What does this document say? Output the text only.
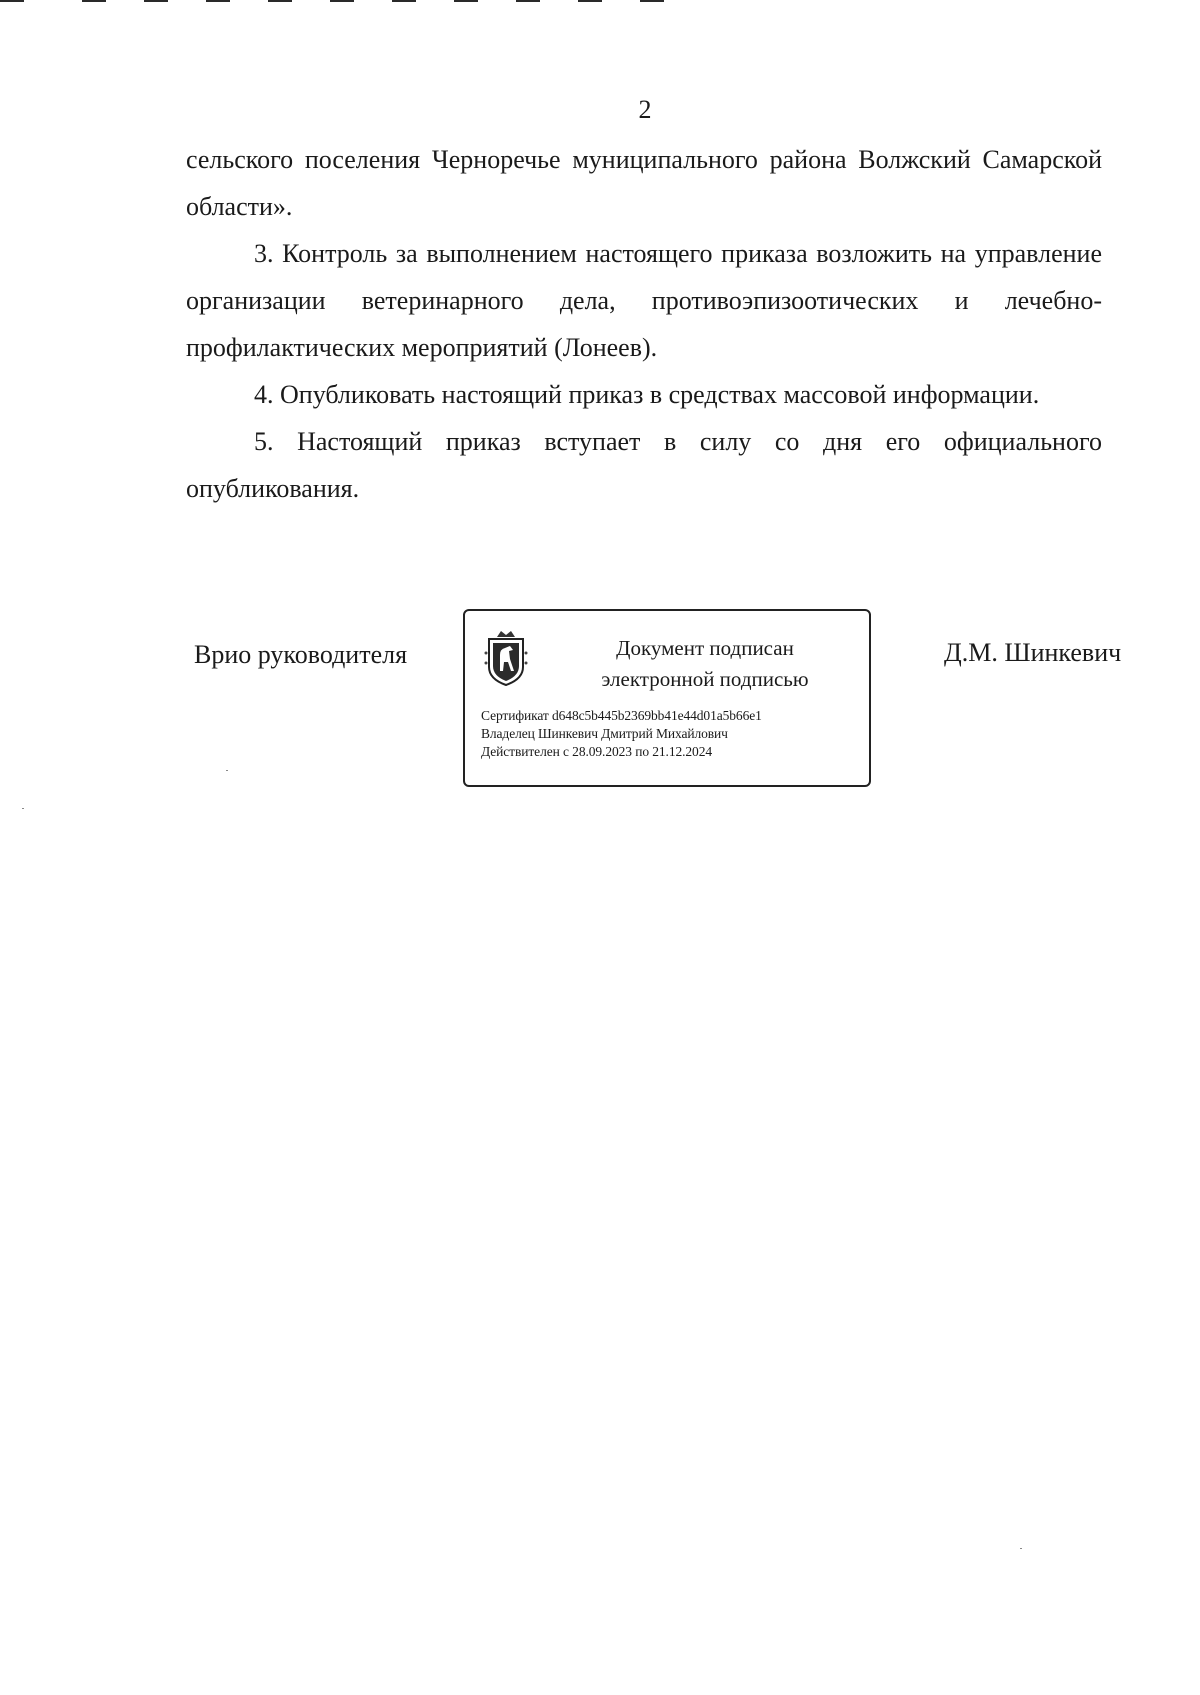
2

сельского поселения Черноречье муниципального района Волжский Самарской области».

3. Контроль за выполнением настоящего приказа возложить на управление организации ветеринарного дела, противоэпизоотических и лечебно-профилактических мероприятий (Лонеев).

4. Опубликовать настоящий приказ в средствах массовой информации.

5. Настоящий приказ вступает в силу со дня его официального опубликования.

Врио руководителя	Документ подписан
электронной подписью
Сертификат d648c5b445b2369bb41e44d01a5b66e1
Владелец Шинкевич Дмитрий Михайлович
Действителен с 28.09.2023 по 21.12.2024
Д.М. Шинкевич
